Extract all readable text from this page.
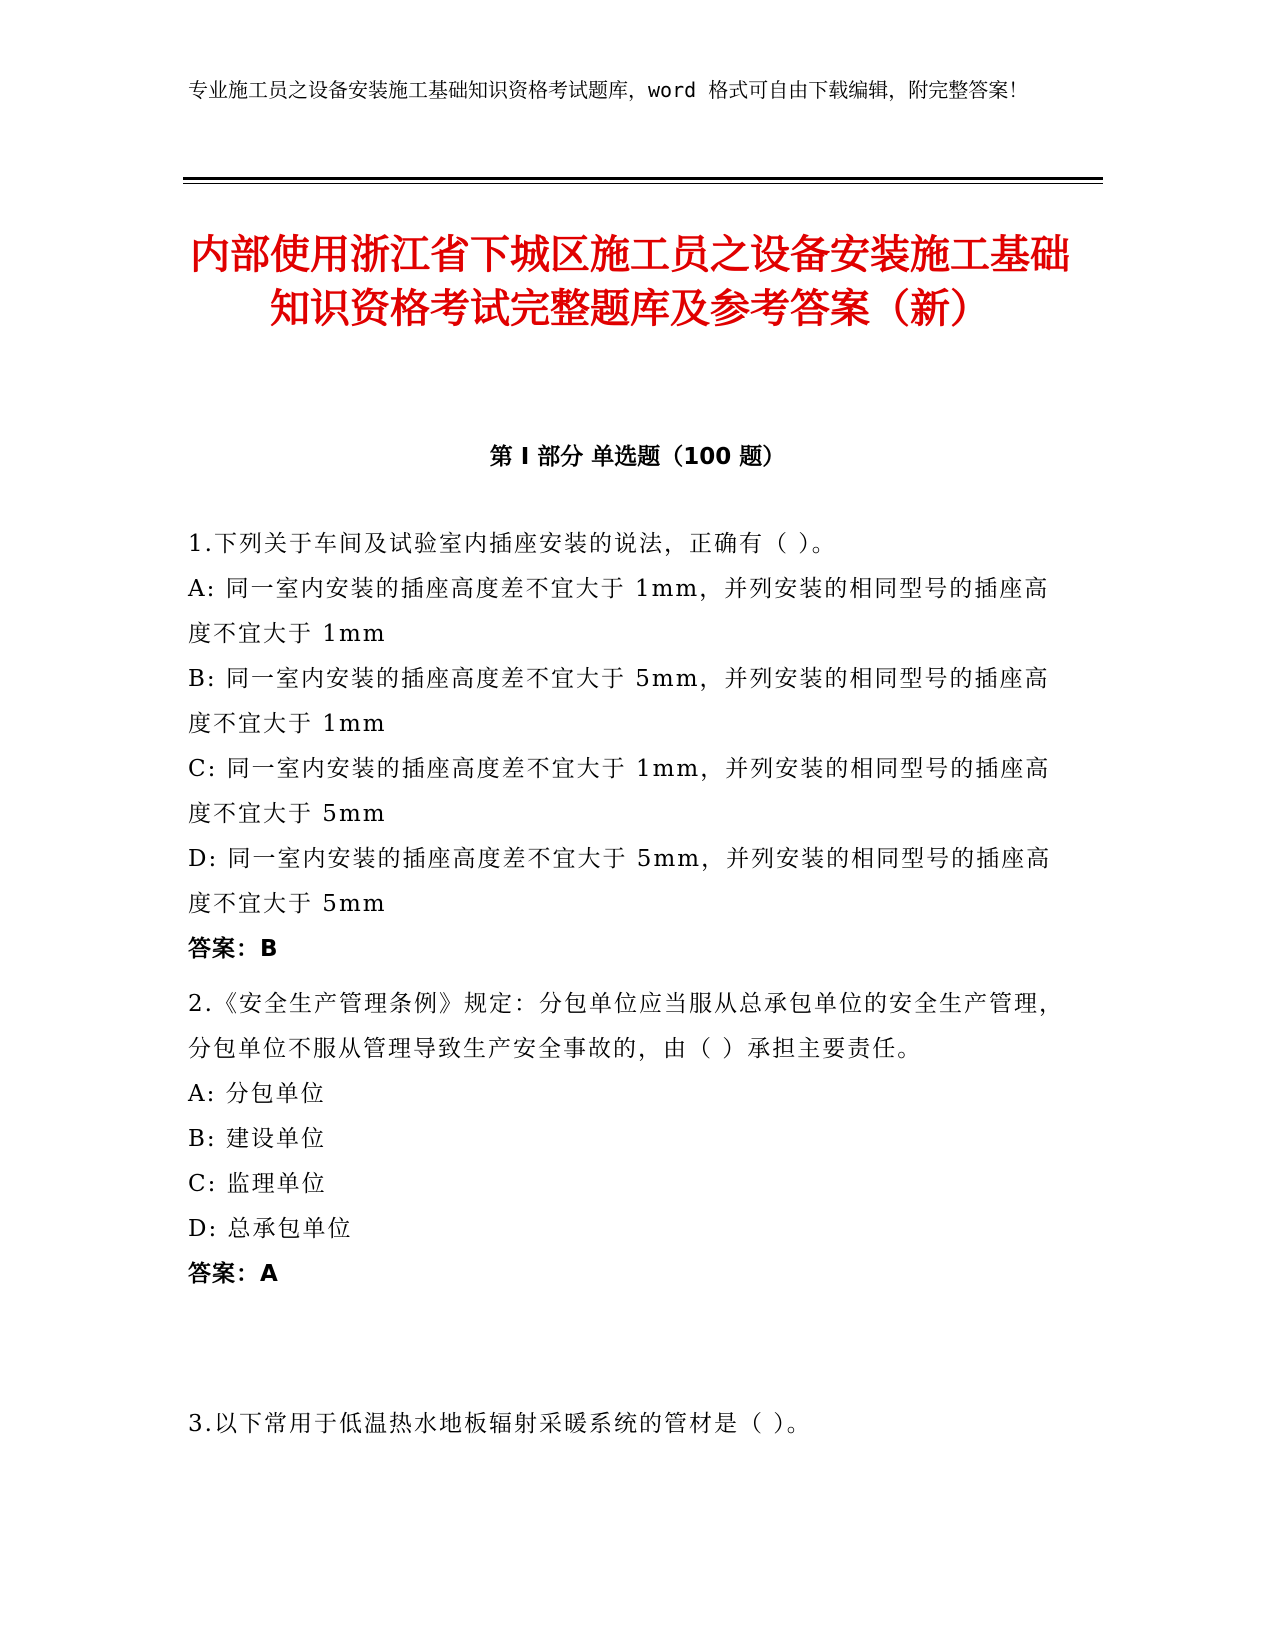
专业施工员之设备安装施工基础知识资格考试题库，word 格式可自由下载编辑，附完整答案！
内部使用浙江省下城区施工员之设备安装施工基础知识资格考试完整题库及参考答案（新）
第 I 部分 单选题（100 题）

1.下列关于车间及试验室内插座安装的说法，正确有（ ）。

A: 同一室内安装的插座高度差不宜大于 1mm，并列安装的相同型号的插座高度不宜大于 1mm
B: 同一室内安装的插座高度差不宜大于 5mm，并列安装的相同型号的插座高度不宜大于 1mm
C: 同一室内安装的插座高度差不宜大于 1mm，并列安装的相同型号的插座高度不宜大于 5mm
D: 同一室内安装的插座高度差不宜大于 5mm，并列安装的相同型号的插座高度不宜大于 5mm
答案：B

2.《安全生产管理条例》规定：分包单位应当服从总承包单位的安全生产管理，分包单位不服从管理导致生产安全事故的，由（ ）承担主要责任。

A: 分包单位
B: 建设单位
C: 监理单位
D: 总承包单位
答案：A

3.以下常用于低温热水地板辐射采暖系统的管材是（ ）。
